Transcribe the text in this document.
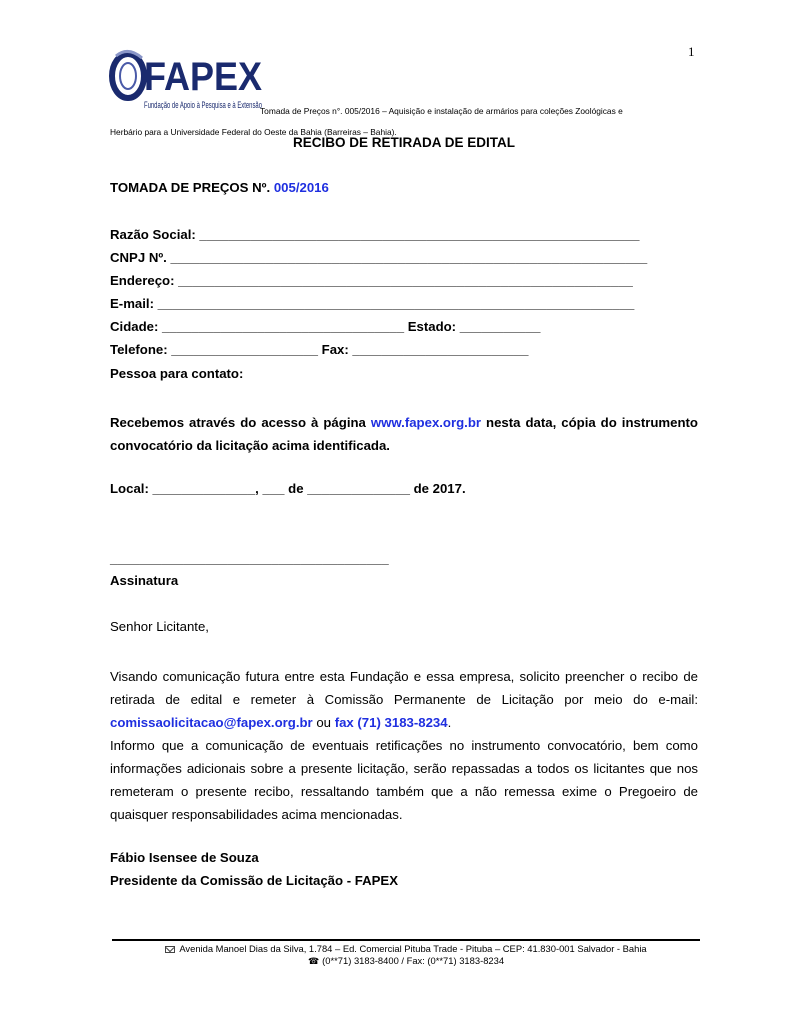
1
FAPEX
Fundação de Apoio à Pesquisa e à Extensão
Tomada de Preços n°. 005/2016 – Aquisição e instalação de armários para coleções Zoológicas e
Herbário para a Universidade Federal do Oeste da Bahia (Barreiras – Bahia).
RECIBO DE RETIRADA DE EDITAL
TOMADA DE PREÇOS Nº. 005/2016
Razão Social: ____________________________________________________________
CNPJ Nº. _________________________________________________________________
Endereço: ______________________________________________________________
E-mail: _________________________________________________________________
Cidade: _________________________________ Estado: ___________
Telefone: ____________________ Fax: ________________________
Pessoa para contato:
Recebemos através do acesso à página www.fapex.org.br nesta data, cópia do instrumento convocatório da licitação acima identificada.
Local: ______________, ___ de ______________ de 2017.
______________________________________
Assinatura
Senhor Licitante,
Visando comunicação futura entre esta Fundação e essa empresa, solicito preencher o recibo de retirada de edital e remeter à Comissão Permanente de Licitação por meio do e-mail: comissaolicitacao@fapex.org.br ou fax (71) 3183-8234.
Informo que a comunicação de eventuais retificações no instrumento convocatório, bem como informações adicionais sobre a presente licitação, serão repassadas a todos os licitantes que nos remeteram o presente recibo, ressaltando também que a não remessa exime o Pregoeiro de quaisquer responsabilidades acima mencionadas.
Fábio Isensee de Souza
Presidente da Comissão de Licitação - FAPEX
Avenida Manoel Dias da Silva, 1.784 – Ed. Comercial Pituba Trade - Pituba – CEP: 41.830-001 Salvador - Bahia
☎ (0**71) 3183-8400 / Fax: (0**71) 3183-8234
